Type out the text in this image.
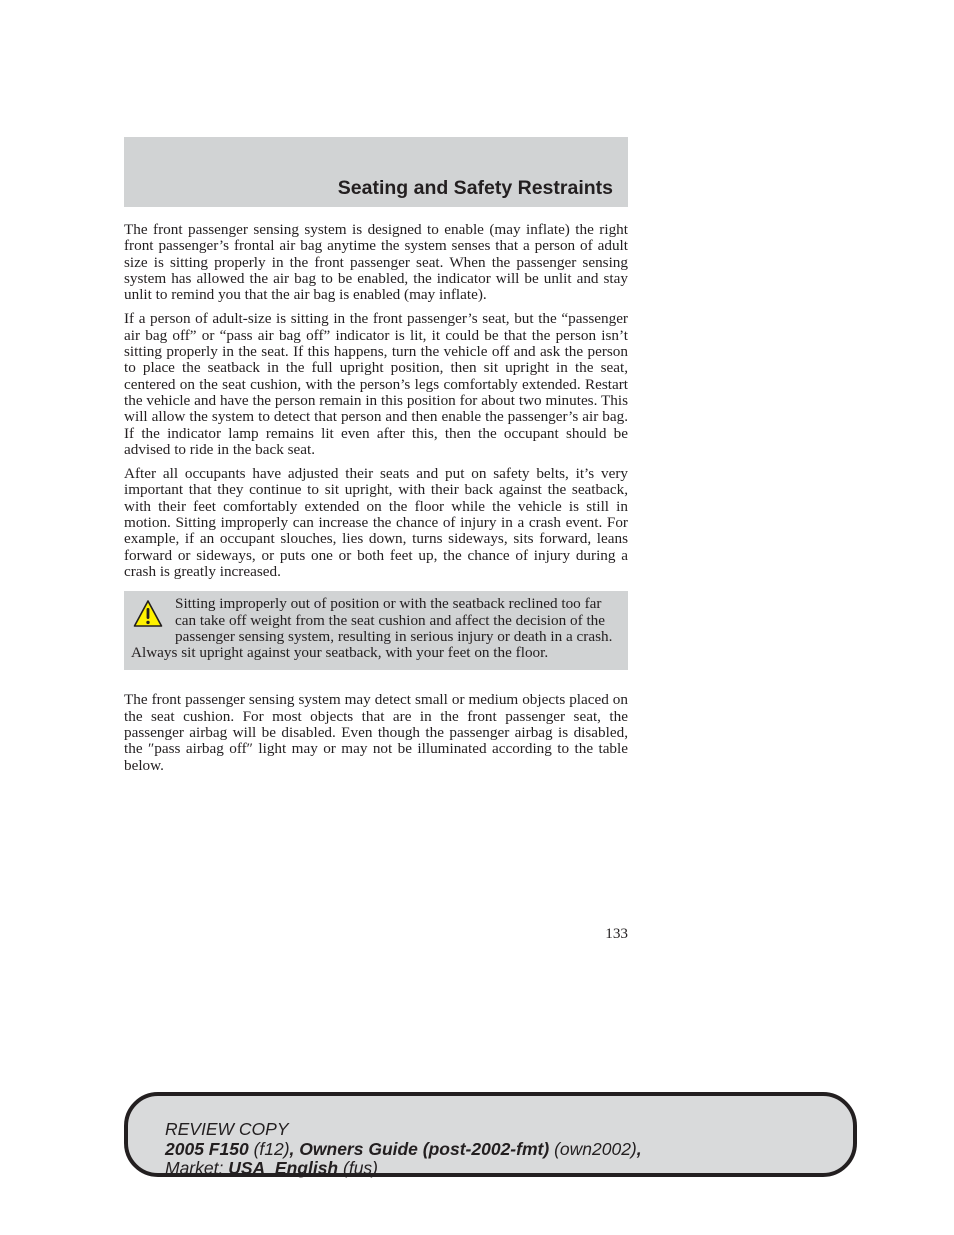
Seating and Safety Restraints

The front passenger sensing system is designed to enable (may inflate) the right front passenger’s frontal air bag anytime the system senses that a person of adult size is sitting properly in the front passenger seat. When the passenger sensing system has allowed the air bag to be enabled, the indicator will be unlit and stay unlit to remind you that the air bag is enabled (may inflate).

If a person of adult-size is sitting in the front passenger’s seat, but the “passenger air bag off” or “pass air bag off” indicator is lit, it could be that the person isn’t sitting properly in the seat. If this happens, turn the vehicle off and ask the person to place the seatback in the full upright position, then sit upright in the seat, centered on the seat cushion, with the person’s legs comfortably extended. Restart the vehicle and have the person remain in this position for about two minutes. This will allow the system to detect that person and then enable the passenger’s air bag. If the indicator lamp remains lit even after this, then the occupant should be advised to ride in the back seat.

After all occupants have adjusted their seats and put on safety belts, it’s very important that they continue to sit upright, with their back against the seatback, with their feet comfortably extended on the floor while the vehicle is still in motion. Sitting improperly can increase the chance of injury in a crash event. For example, if an occupant slouches, lies down, turns sideways, sits forward, leans forward or sideways, or puts one or both feet up, the chance of injury during a crash is greatly increased.

Sitting improperly out of position or with the seatback reclined too far can take off weight from the seat cushion and affect the decision of the passenger sensing system, resulting in serious injury or death in a crash.

Always sit upright against your seatback, with your feet on the floor.

The front passenger sensing system may detect small or medium objects placed on the seat cushion. For most objects that are in the front passenger seat, the passenger airbag will be disabled. Even though the passenger airbag is disabled, the ″pass airbag off″ light may or may not be illuminated according to the table below.

133
REVIEW COPY
2005 F150 (f12), Owners Guide (post-2002-fmt) (own2002),
Market: USA_English (fus)
